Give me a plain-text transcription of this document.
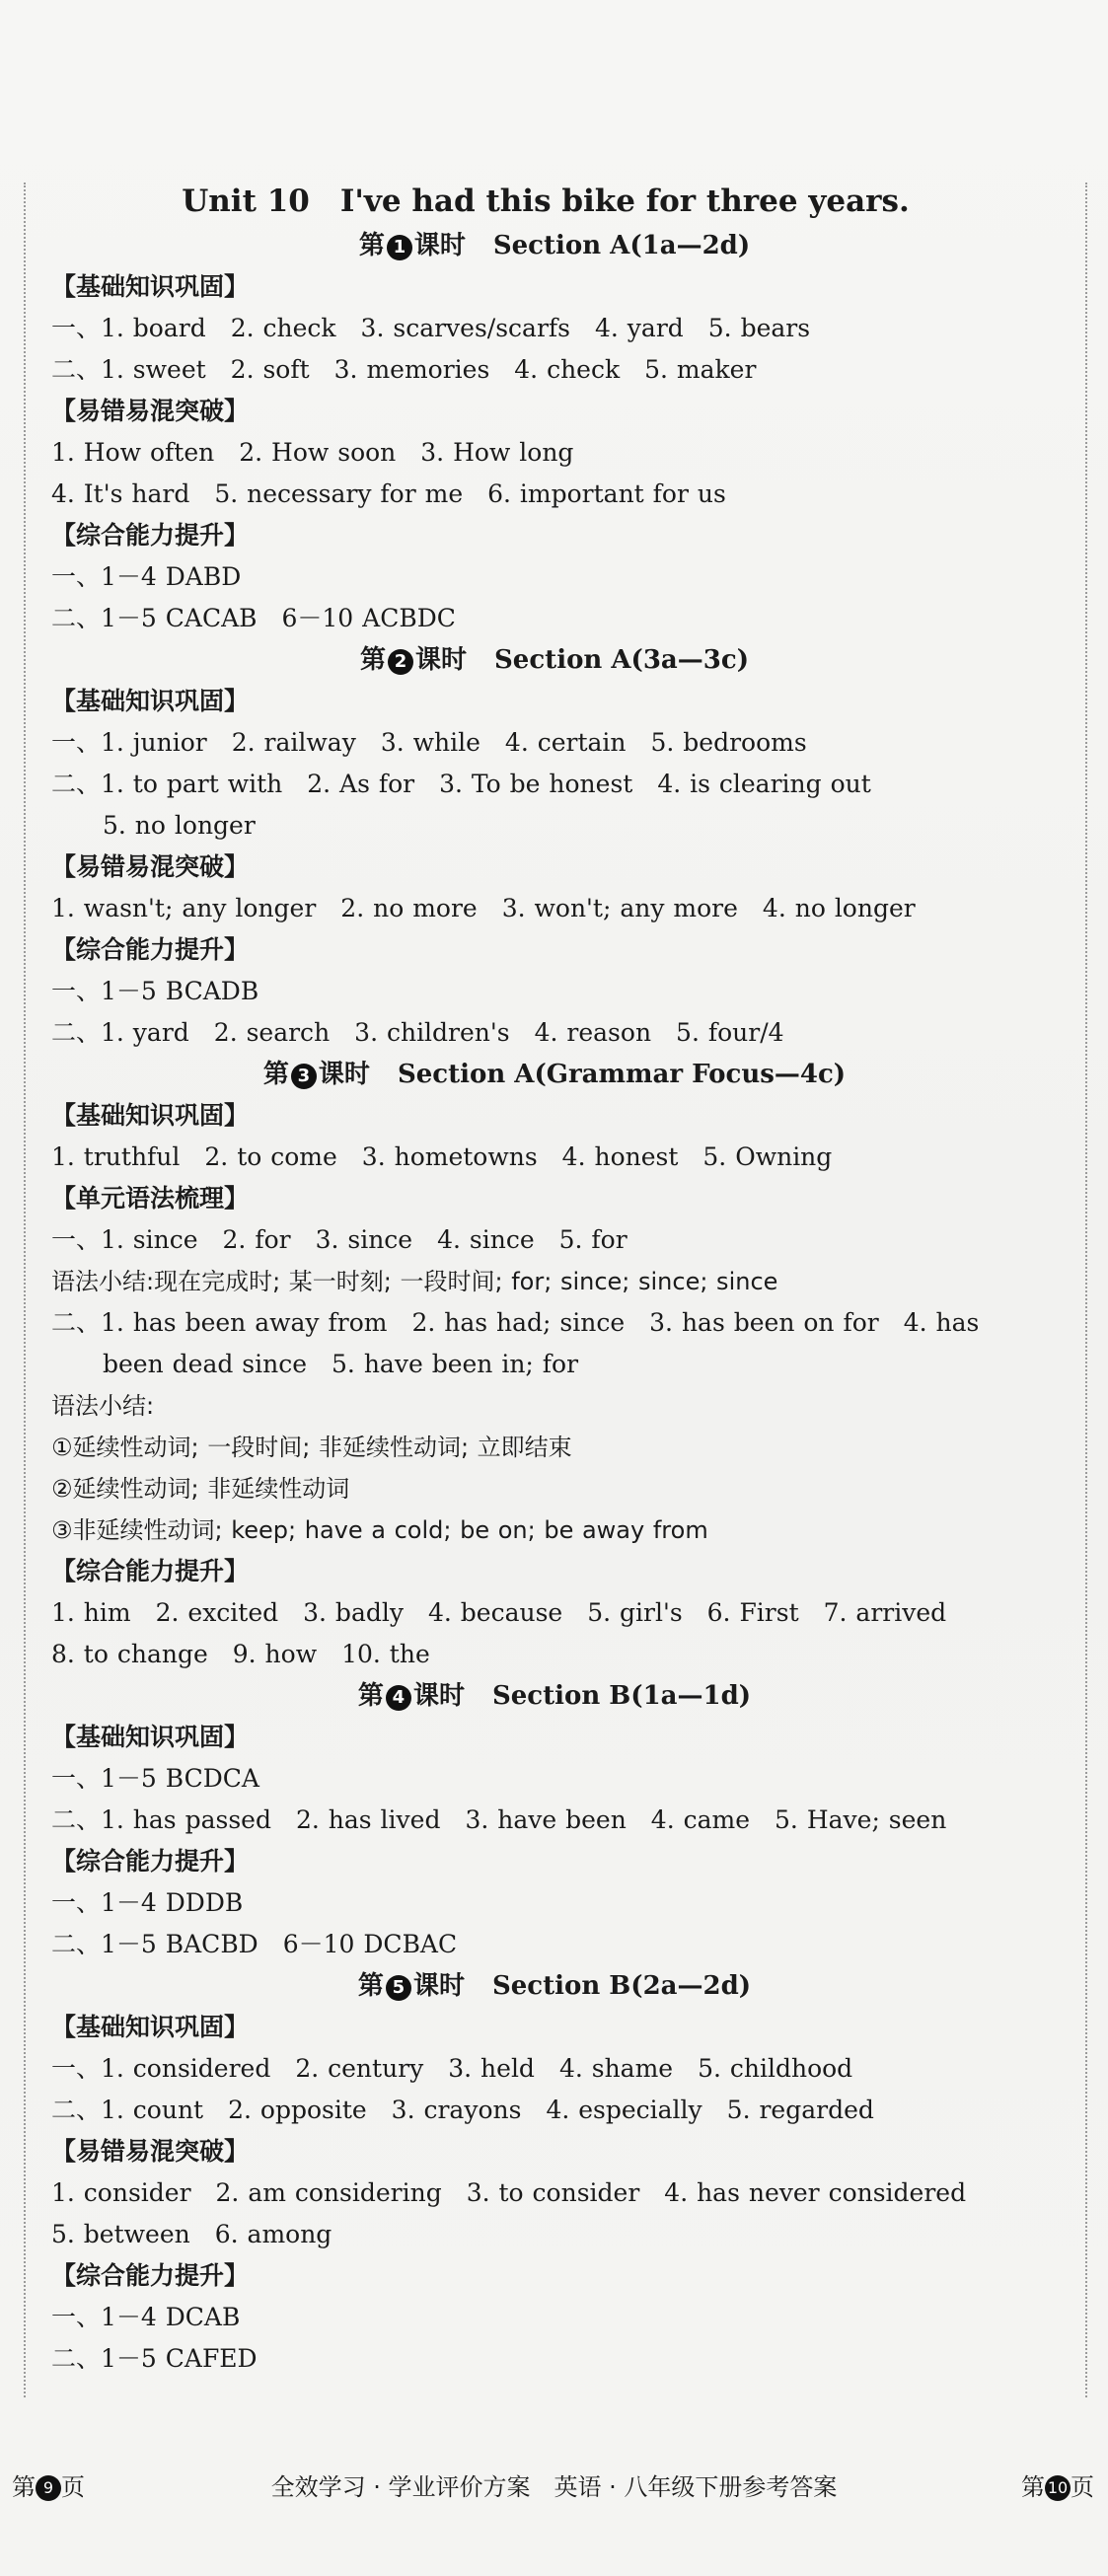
Unit 10　I've had this bike for three years.
第 1 课时 Section A(1a—2d)
【基础知识巩固】
一、1. board　2. check　3. scarves/scarfs　4. yard　5. bears
二、1. sweet　2. soft　3. memories　4. check　5. maker
【易错易混突破】
1. How often　2. How soon　3. How long
4. It's hard　5. necessary for me　6. important for us
【综合能力提升】
一、1－4 DABD
二、1－5 CACAB　6－10 ACBDC
第 2 课时 Section A(3a—3c)
【基础知识巩固】
一、1. junior　2. railway　3. while　4. certain　5. bedrooms
二、1. to part with　2. As for　3. To be honest　4. is clearing out
5. no longer
【易错易混突破】
1. wasn't; any longer　2. no more　3. won't; any more　4. no longer
【综合能力提升】
一、1－5 BCADB
二、1. yard　2. search　3. children's　4. reason　5. four/4
第 3 课时 Section A(Grammar Focus—4c)
【基础知识巩固】
1. truthful　2. to come　3. hometowns　4. honest　5. Owning
【单元语法梳理】
一、1. since　2. for　3. since　4. since　5. for
语法小结:现在完成时; 某一时刻; 一段时间; for; since; since; since
二、1. has been away from　2. has had; since　3. has been on for　4. has
been dead since　5. have been in; for
语法小结:
①延续性动词; 一段时间; 非延续性动词; 立即结束
②延续性动词; 非延续性动词
③非延续性动词; keep; have a cold; be on; be away from
【综合能力提升】
1. him　2. excited　3. badly　4. because　5. girl's　6. First　7. arrived
8. to change　9. how　10. the
第 4 课时 Section B(1a—1d)
【基础知识巩固】
一、1－5 BCDCA
二、1. has passed　2. has lived　3. have been　4. came　5. Have; seen
【综合能力提升】
一、1－4 DDDB
二、1－5 BACBD　6－10 DCBAC
第 5 课时 Section B(2a—2d)
【基础知识巩固】
一、1. considered　2. century　3. held　4. shame　5. childhood
二、1. count　2. opposite　3. crayons　4. especially　5. regarded
【易错易混突破】
1. consider　2. am considering　3. to consider　4. has never considered
5. between　6. among
【综合能力提升】
一、1－4 DCAB
二、1－5 CAFED
第 9 页	全效学习 · 学业评价方案　英语 · 八年级下册参考答案	第 10 页
